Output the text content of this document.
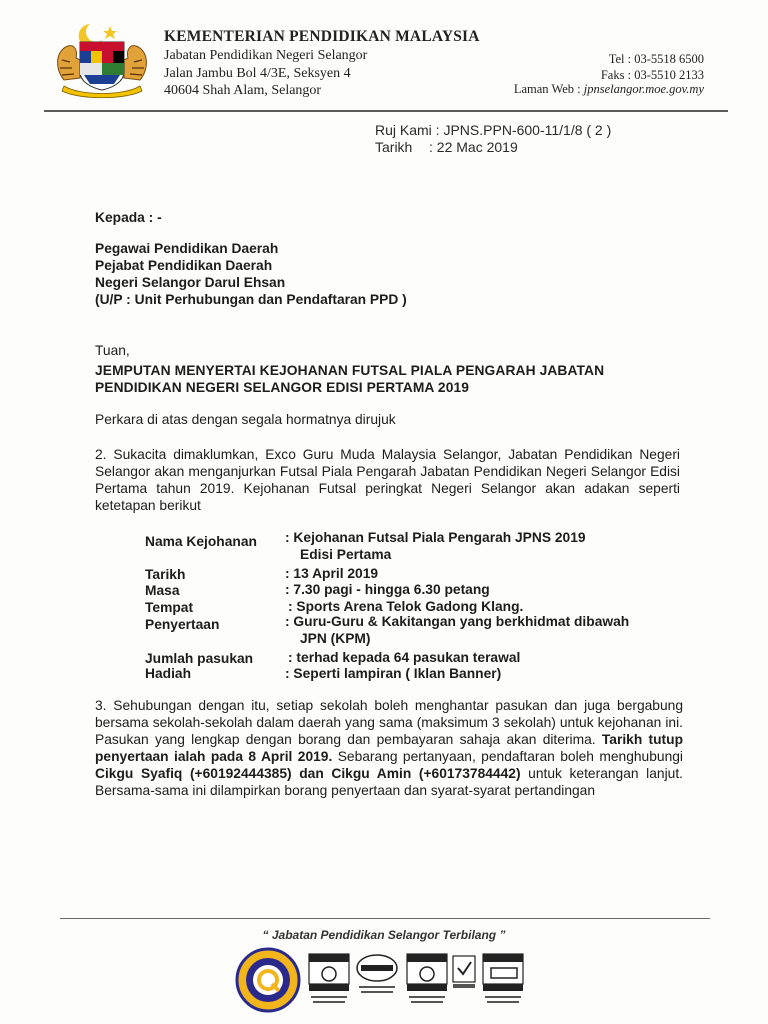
KEMENTERIAN PENDIDIKAN MALAYSIA
Jabatan Pendidikan Negeri Selangor
Jalan Jambu Bol 4/3E, Seksyen 4
40604 Shah Alam, Selangor
Tel : 03-5518 6500
Faks : 03-5510 2133
Laman Web : jpnselangor.moe.gov.my
Ruj Kami : JPNS.PPN-600-11/1/8 ( 2 )
Tarikh : 22 Mac 2019
Kepada : -
Pegawai Pendidikan Daerah
Pejabat Pendidikan Daerah
Negeri Selangor Darul Ehsan
(U/P : Unit Perhubungan dan Pendaftaran PPD )
Tuan,
JEMPUTAN MENYERTAI KEJOHANAN FUTSAL PIALA PENGARAH JABATAN PENDIDIKAN NEGERI SELANGOR EDISI PERTAMA 2019
Perkara di atas dengan segala hormatnya dirujuk
2. Sukacita dimaklumkan, Exco Guru Muda Malaysia Selangor, Jabatan Pendidikan Negeri Selangor akan menganjurkan Futsal Piala Pengarah Jabatan Pendidikan Negeri Selangor Edisi Pertama tahun 2019. Kejohanan Futsal peringkat Negeri Selangor akan adakan seperti ketetapan berikut
Nama Kejohanan : Kejohanan Futsal Piala Pengarah JPNS 2019
Edisi Pertama
Tarikh	: 13 April 2019
Masa	: 7.30 pagi - hingga 6.30 petang
Tempat	: Sports Arena Telok Gadong Klang.
Penyertaan	: Guru-Guru & Kakitangan yang berkhidmat dibawah
JPN (KPM)
Jumlah pasukan	: terhad kepada 64 pasukan terawal
Hadiah	: Seperti lampiran ( Iklan Banner)
3. Sehubungan dengan itu, setiap sekolah boleh menghantar pasukan dan juga bergabung bersama sekolah-sekolah dalam daerah yang sama (maksimum 3 sekolah) untuk kejohanan ini. Pasukan yang lengkap dengan borang dan pembayaran sahaja akan diterima. Tarikh tutup penyertaan ialah pada 8 April 2019. Sebarang pertanyaan, pendaftaran boleh menghubungi Cikgu Syafiq (+60192444385) dan Cikgu Amin (+60173784442) untuk keterangan lanjut. Bersama-sama ini dilampirkan borang penyertaan dan syarat-syarat pertandingan
“ Jabatan Pendidikan Selangor Terbilang ”
